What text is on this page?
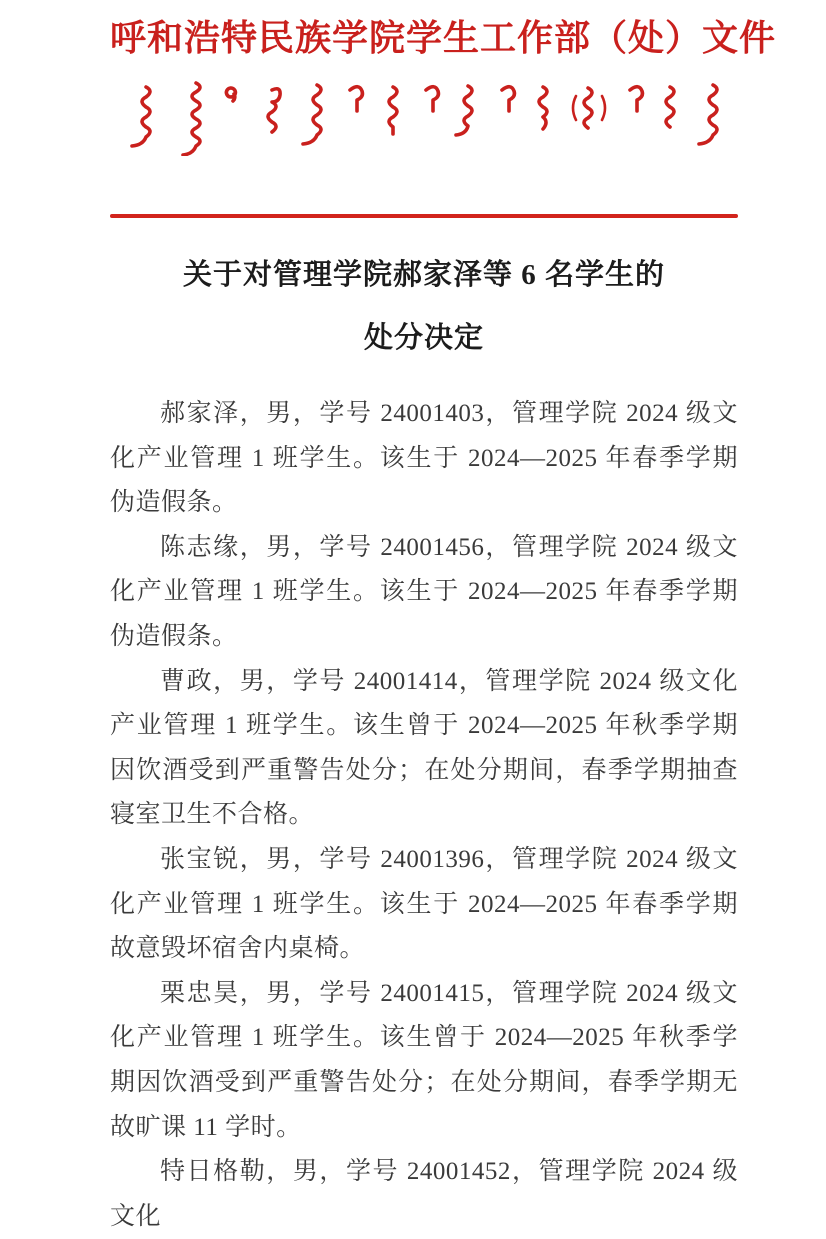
呼和浩特民族学院学生工作部（处）文件
关于对管理学院郝家泽等 6 名学生的
处分决定

郝家泽，男，学号 24001403，管理学院 2024 级文化产业管理 1 班学生。该生于 2024—2025 年春季学期伪造假条。

陈志缘，男，学号 24001456，管理学院 2024 级文化产业管理 1 班学生。该生于 2024—2025 年春季学期伪造假条。

曹政，男，学号 24001414，管理学院 2024 级文化产业管理 1 班学生。该生曾于 2024—2025 年秋季学期因饮酒受到严重警告处分；在处分期间，春季学期抽查寝室卫生不合格。

张宝锐，男，学号 24001396，管理学院 2024 级文化产业管理 1 班学生。该生于 2024—2025 年春季学期故意毁坏宿舍内桌椅。

栗忠昊，男，学号 24001415，管理学院 2024 级文化产业管理 1 班学生。该生曾于 2024—2025 年秋季学期因饮酒受到严重警告处分；在处分期间，春季学期无故旷课 11 学时。

特日格勒，男，学号 24001452，管理学院 2024 级文化
